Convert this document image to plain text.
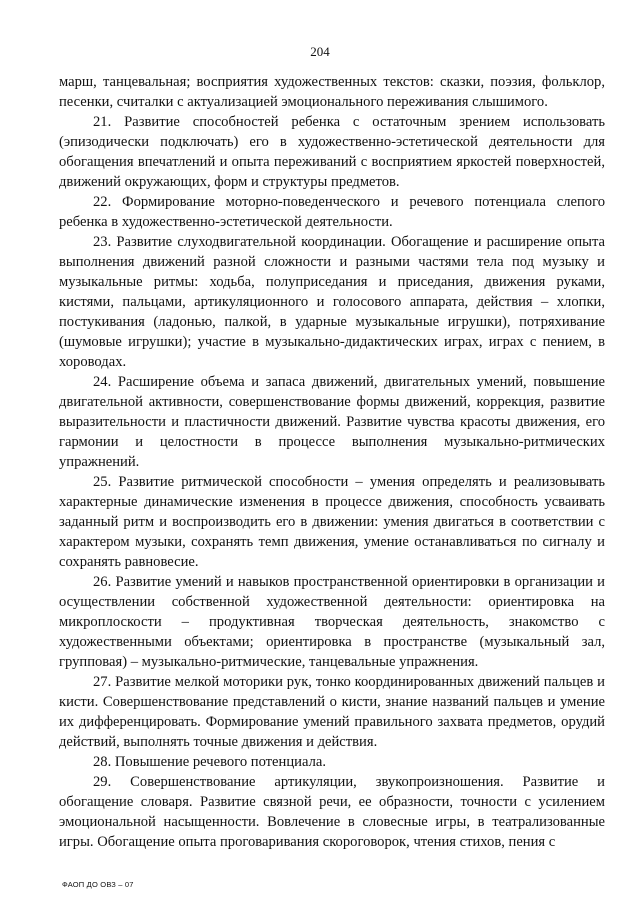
204

марш, танцевальная; восприятия художественных текстов: сказки, поэзия, фольклор, песенки, считалки с актуализацией эмоционального переживания слышимого.

21. Развитие способностей ребенка с остаточным зрением использовать (эпизодически подключать) его в художественно-эстетической деятельности для обогащения впечатлений и опыта переживаний с восприятием яркостей поверхностей, движений окружающих, форм и структуры предметов.

22. Формирование моторно-поведенческого и речевого потенциала слепого ребенка в художественно-эстетической деятельности.

23. Развитие слуходвигательной координации. Обогащение и расширение опыта выполнения движений разной сложности и разными частями тела под музыку и музыкальные ритмы: ходьба, полуприседания и приседания, движения руками, кистями, пальцами, артикуляционного и голосового аппарата, действия – хлопки, постукивания (ладонью, палкой, в ударные музыкальные игрушки), потряхивание (шумовые игрушки); участие в музыкально-дидактических играх, играх с пением, в хороводах.

24. Расширение объема и запаса движений, двигательных умений, повышение двигательной активности, совершенствование формы движений, коррекция, развитие выразительности и пластичности движений. Развитие чувства красоты движения, его гармонии и целостности в процессе выполнения музыкально-ритмических упражнений.

25. Развитие ритмической способности – умения определять и реализовывать характерные динамические изменения в процессе движения, способность усваивать заданный ритм и воспроизводить его в движении: умения двигаться в соответствии с характером музыки, сохранять темп движения, умение останавливаться по сигналу и сохранять равновесие.

26. Развитие умений и навыков пространственной ориентировки в организации и осуществлении собственной художественной деятельности: ориентировка на микроплоскости – продуктивная творческая деятельность, знакомство с художественными объектами; ориентировка в пространстве (музыкальный зал, групповая) – музыкально-ритмические, танцевальные упражнения.

27. Развитие мелкой моторики рук, тонко координированных движений пальцев и кисти. Совершенствование представлений о кисти, знание названий пальцев и умение их дифференцировать. Формирование умений правильного захвата предметов, орудий действий, выполнять точные движения и действия.

28. Повышение речевого потенциала.

29. Совершенствование артикуляции, звукопроизношения. Развитие и обогащение словаря. Развитие связной речи, ее образности, точности с усилением эмоциональной насыщенности. Вовлечение в словесные игры, в театрализованные игры. Обогащение опыта проговаривания скороговорок, чтения стихов, пения с

ФАОП ДО ОВЗ – 07
